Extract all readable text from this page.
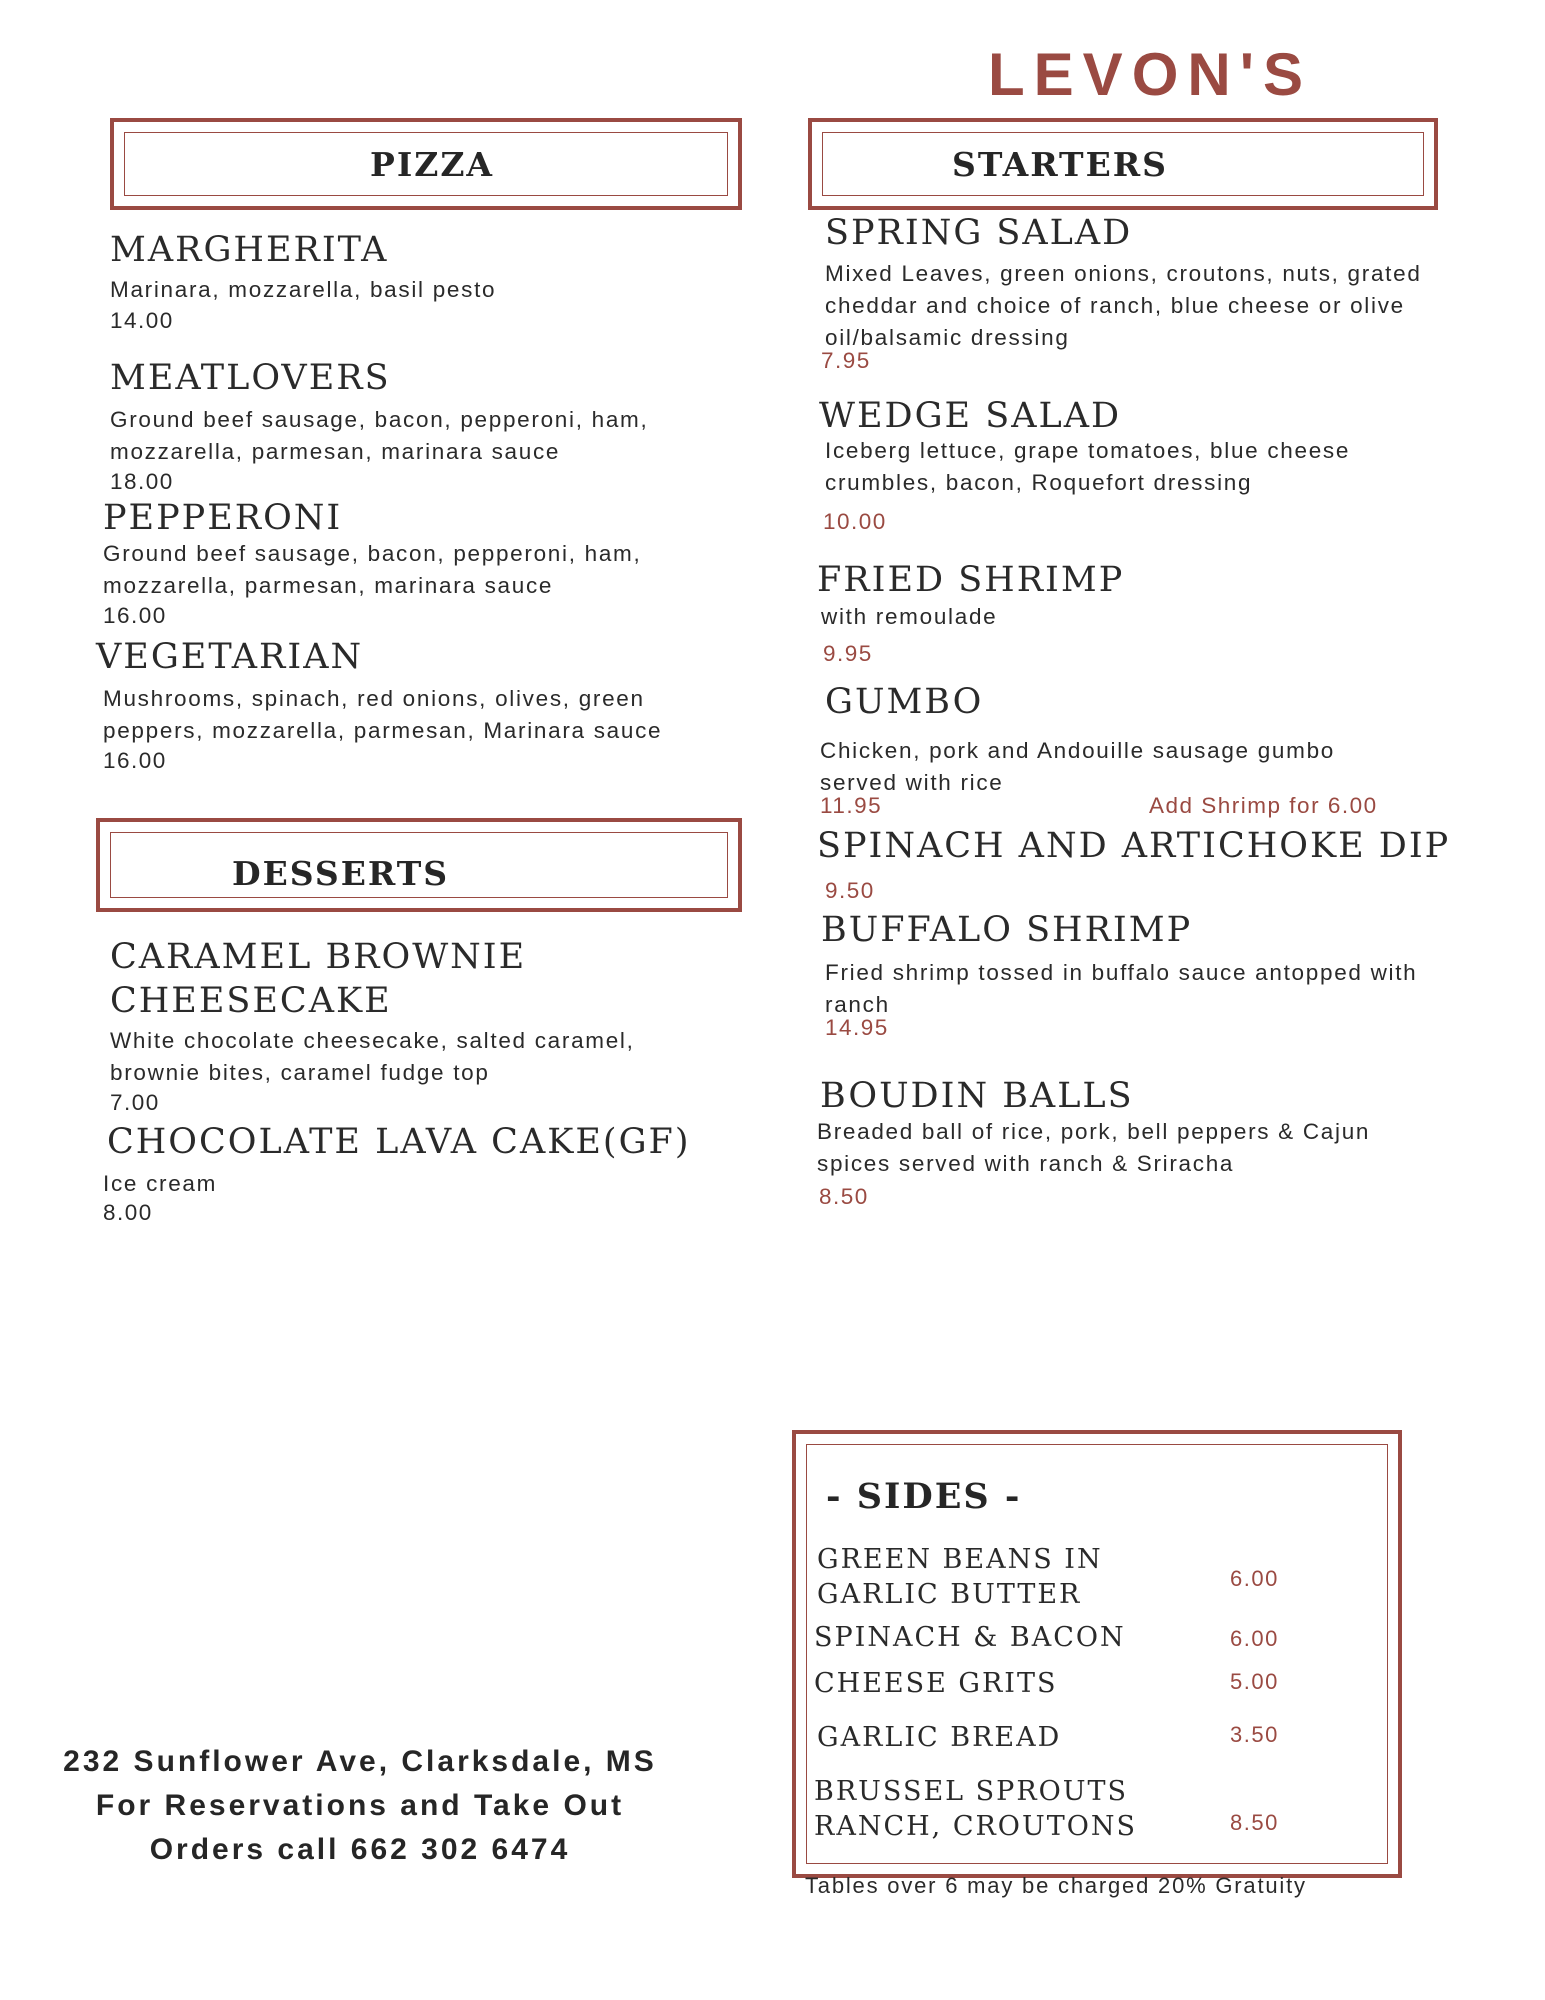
LEVON'S
PIZZA
MARGHERITA
Marinara, mozzarella, basil pesto
14.00
MEATLOVERS
Ground beef sausage, bacon, pepperoni, ham, mozzarella, parmesan, marinara sauce
18.00
PEPPERONI
Ground beef sausage, bacon, pepperoni, ham, mozzarella, parmesan, marinara sauce
16.00
VEGETARIAN
Mushrooms, spinach, red onions, olives, green peppers, mozzarella, parmesan, Marinara sauce
16.00
DESSERTS
CARAMEL BROWNIE CHEESECAKE
White chocolate cheesecake, salted caramel, brownie bites, caramel fudge top
7.00
CHOCOLATE LAVA CAKE(GF)
Ice cream
8.00
STARTERS
SPRING SALAD
Mixed Leaves, green onions, croutons, nuts, grated cheddar and choice of ranch, blue cheese or olive oil/balsamic dressing
7.95
WEDGE SALAD
Iceberg lettuce, grape tomatoes, blue cheese crumbles, bacon, Roquefort dressing
10.00
FRIED SHRIMP
with remoulade
9.95
GUMBO
Chicken, pork and Andouille sausage gumbo served with rice
11.95	Add Shrimp for 6.00
SPINACH AND ARTICHOKE DIP
9.50
BUFFALO SHRIMP
Fried shrimp tossed in buffalo sauce antopped with ranch
14.95
BOUDIN BALLS
Breaded ball of rice, pork, bell peppers & Cajun spices served with ranch & Sriracha
8.50
- SIDES -
GREEN BEANS IN GARLIC BUTTER
6.00
SPINACH & BACON	6.00
CHEESE GRITS	5.00
GARLIC BREAD	3.50
BRUSSEL SPROUTS RANCH, CROUTONS	8.50
Tables over 6 may be charged 20% Gratuity
232 Sunflower Ave, Clarksdale, MS
For Reservations and Take Out
Orders call 662 302 6474
